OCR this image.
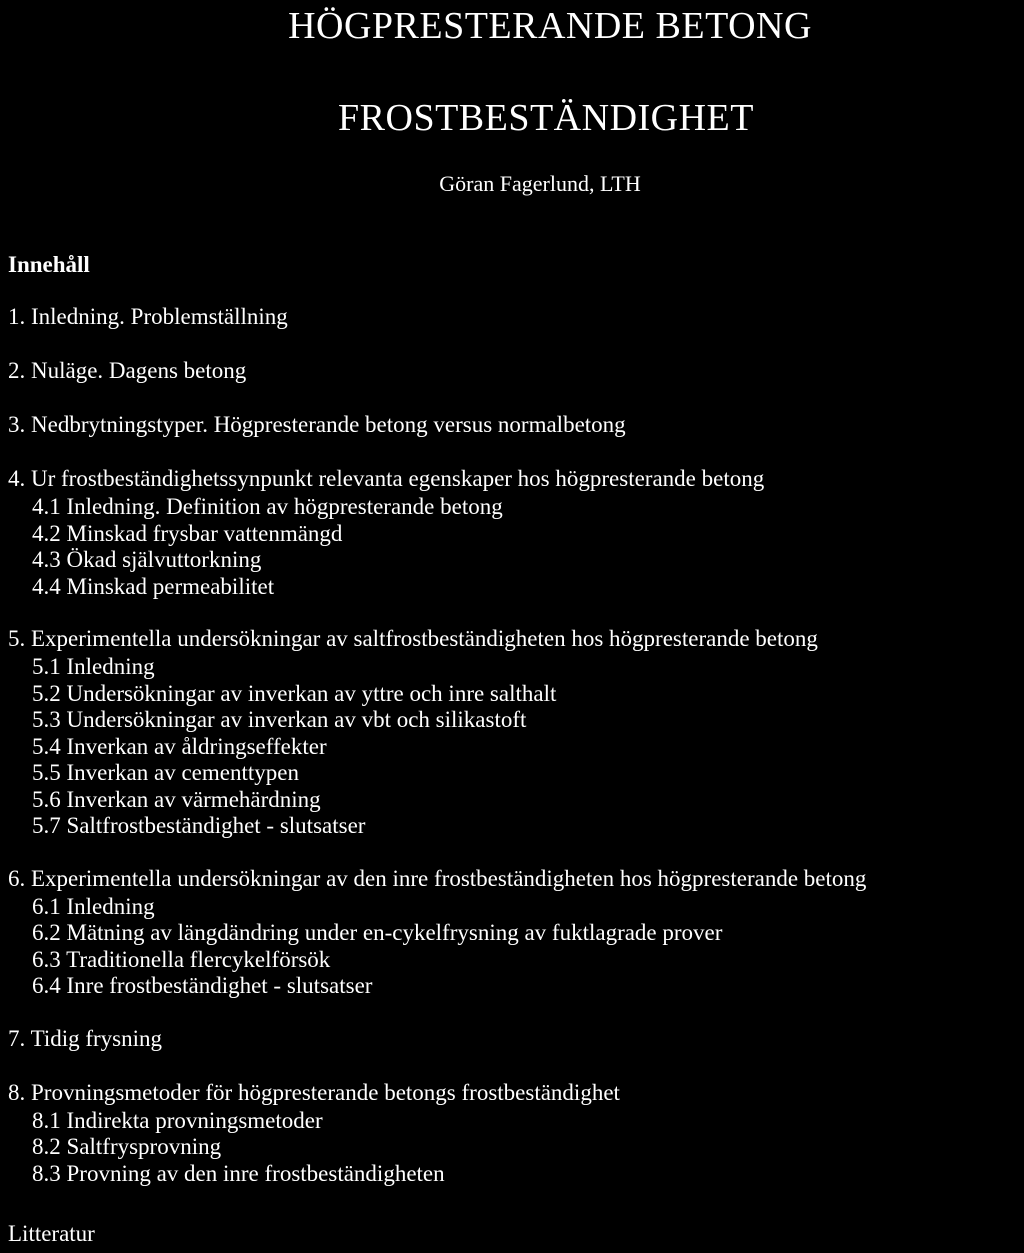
HÖGPRESTERANDE BETONG
FROSTBESTÄNDIGHET
Göran Fagerlund, LTH
Innehåll
1. Inledning. Problemställning
2. Nuläge. Dagens betong
3. Nedbrytningstyper. Högpresterande betong versus normalbetong
4. Ur frostbeständighetssynpunkt relevanta egenskaper hos högpresterande betong
4.1 Inledning. Definition av högpresterande betong
4.2 Minskad frysbar vattenmängd
4.3 Ökad självuttorkning
4.4 Minskad permeabilitet
5. Experimentella undersökningar av saltfrostbeständigheten hos högpresterande betong
5.1 Inledning
5.2 Undersökningar av inverkan av yttre och inre salthalt
5.3 Undersökningar av inverkan av vbt och silikastoft
5.4 Inverkan av åldringseffekter
5.5 Inverkan av cementtypen
5.6 Inverkan av värmehärdning
5.7 Saltfrostbeständighet - slutsatser
6. Experimentella undersökningar av den inre frostbeständigheten hos högpresterande betong
6.1 Inledning
6.2 Mätning av längdändring under en-cykelfrysning av fuktlagrade prover
6.3 Traditionella flercykelförsök
6.4 Inre frostbeständighet - slutsatser
7. Tidig frysning
8. Provningsmetoder för högpresterande betongs frostbeständighet
8.1 Indirekta provningsmetoder
8.2 Saltfrysprovning
8.3 Provning av den inre frostbeständigheten
Litteratur
